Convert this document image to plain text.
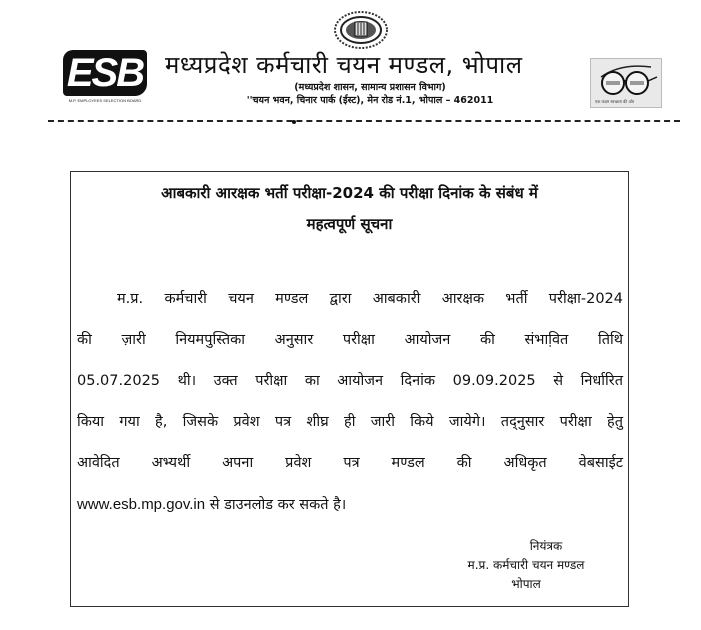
ESB
M.P. EMPLOYEES SELECTION BOARD
मध्यप्रदेश कर्मचारी चयन मण्डल, भोपाल
(मध्यप्रदेश शासन, सामान्य प्रशासन विभाग)
''चयन भवन, चिनार पार्क (ईस्ट), मेन रोड नं.1, भोपाल – 462011	एक कदम स्वच्छता की ओर
आबकारी आरक्षक भर्ती परीक्षा-2024 की परीक्षा दिनांक के संबंध में
महत्वपूर्ण सूचना
म.प्र. कर्मचारी चयन मण्डल द्वारा आबकारी आरक्षक भर्ती परीक्षा-2024
की ज़ारी नियमपुस्तिका अनुसार परीक्षा आयोजन की संभावि़त तिथि
05.07.2025 थी। उक्त परीक्षा का आयोजन दिनांक 09.09.2025 से निर्धारित
किया गया है, जिसके प्रवेश पत्र शीघ्र ही जारी किये जायेगे। तद्नुसार परीक्षा हेतु
आवेदित अभ्यर्थी अपना प्रवेश पत्र मण्डल की अधिकृत वेबसाईट
www.esb.mp.gov.in से डाउनलोड कर सकते है।
नियंत्रक
म.प्र. कर्मचारी चयन मण्डल
भोपाल
